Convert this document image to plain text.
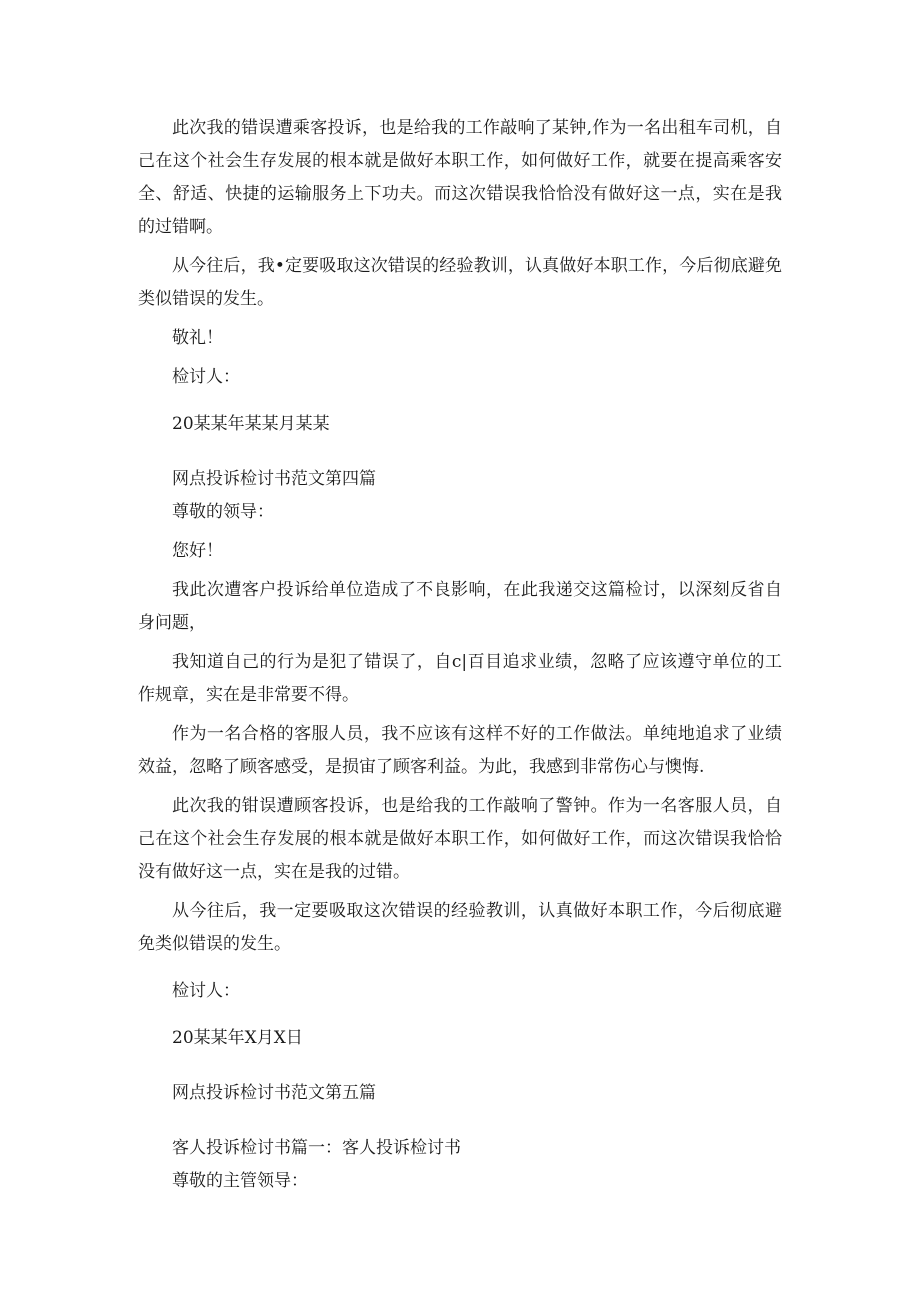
此次我的错误遭乘客投诉，也是给我的工作敲响了某钟,作为一名出租车司机，自己在这个社会生存发展的根本就是做好本职工作，如何做好工作，就要在提高乘客安全、舒适、快捷的运输服务上下功夫。而这次错误我恰恰没有做好这一点，实在是我的过错啊。
从今往后，我•定要吸取这次错误的经验教训，认真做好本职工作，今后彻底避免类似错误的发生。
敬礼！
检讨人：
20某某年某某月某某
网点投诉检讨书范文第四篇
尊敬的领导：
您好！
我此次遭客户投诉给单位造成了不良影响，在此我递交这篇检讨，以深刻反省自身问题，
我知道自己的行为是犯了错误了，自c|百目追求业绩，忽略了应该遵守单位的工作规章，实在是非常要不得。
作为一名合格的客服人员，我不应该有这样不好的工作做法。单纯地追求了业绩效益，忽略了顾客感受，是损宙了顾客利益。为此，我感到非常伤心与懊悔.
此次我的钳误遭顾客投诉，也是给我的工作敲响了警钟。作为一名客服人员，自己在这个社会生存发展的根本就是做好本职工作，如何做好工作，而这次错误我恰恰没有做好这一点，实在是我的过错。
从今往后，我一定要吸取这次错误的经验教训，认真做好本职工作，今后彻底避免类似错误的发生。
检讨人：
20某某年X月X日
网点投诉检讨书范文第五篇
客人投诉检讨书篇一：客人投诉检讨书
尊敬的主管领导：
